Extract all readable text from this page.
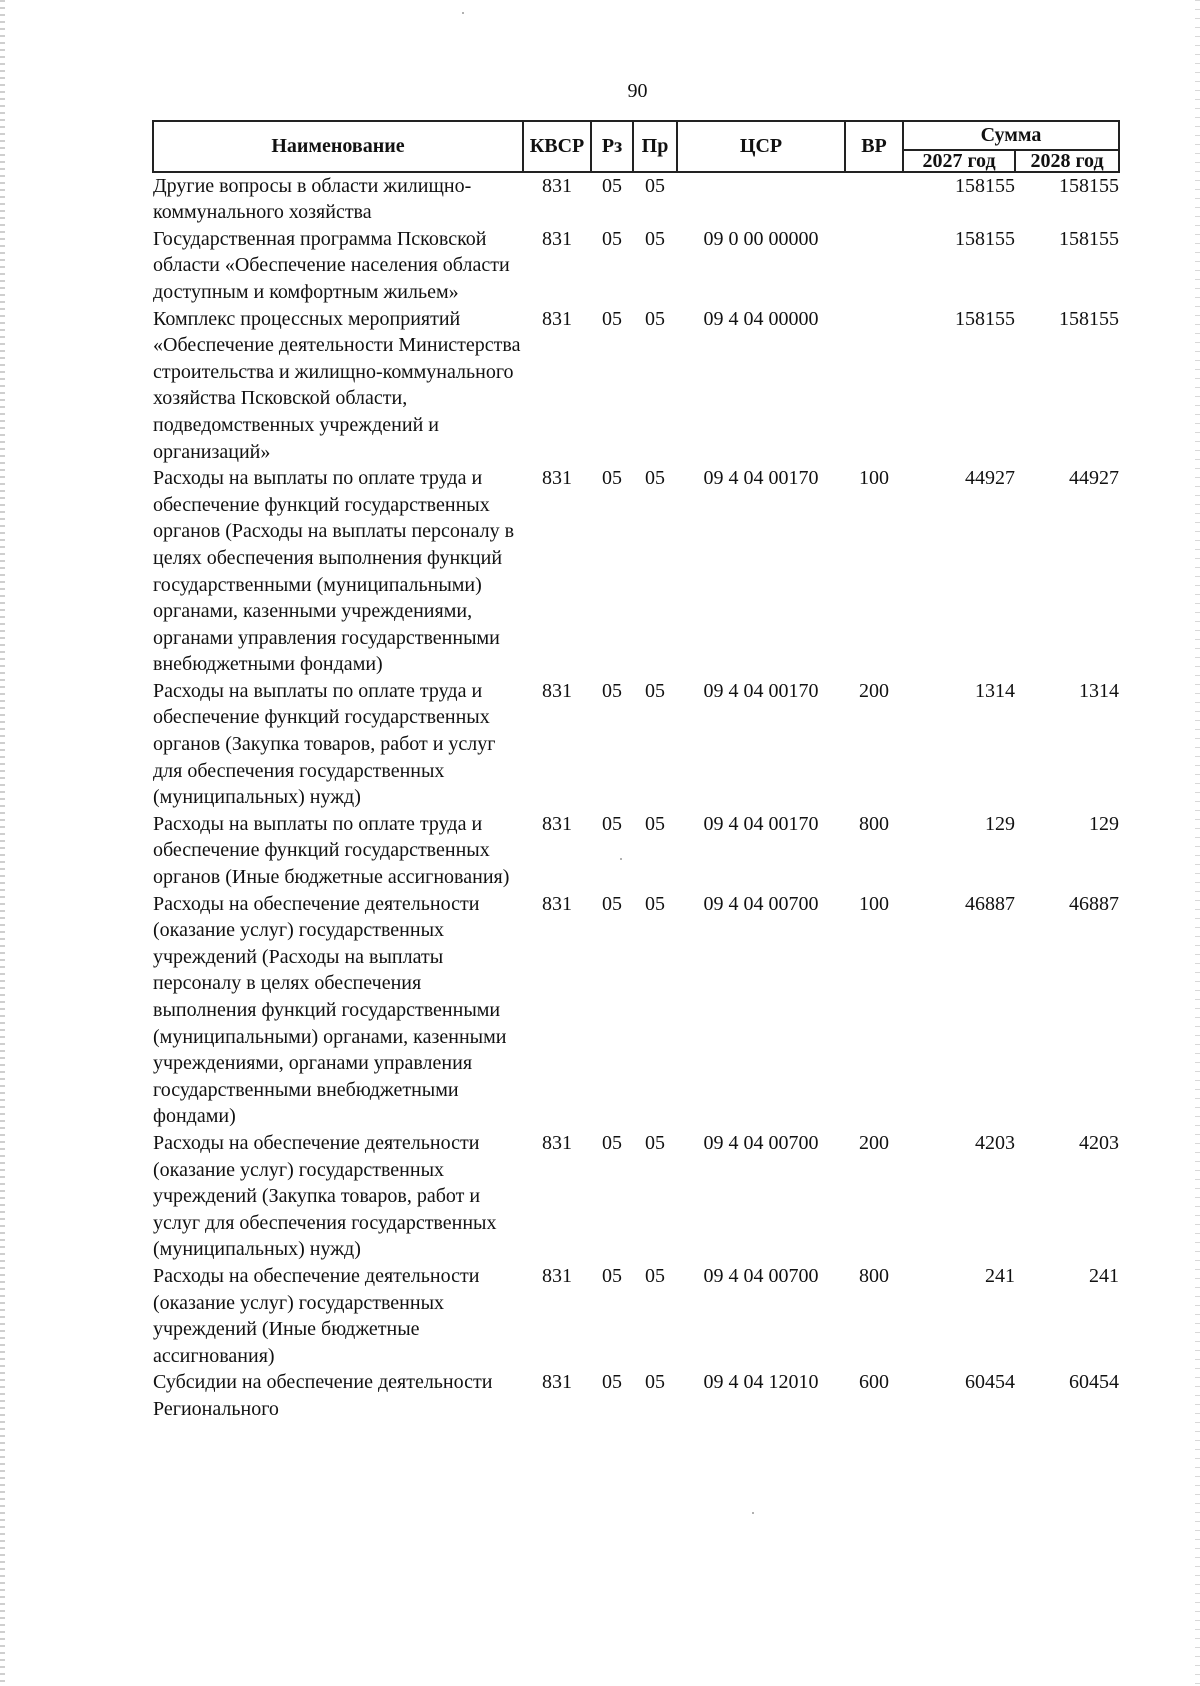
90
Наименование	КВСР	Рз	Пр	ЦСР	ВР	Сумма	
						2027 год	2028 год
Другие вопросы в области жилищно-коммунального хозяйства	831	05	05			158155	158155
Государственная программа Псковской области «Обеспечение населения области доступным и комфортным жильем»	831	05	05	09 0 00 00000		158155	158155
Комплекс процессных мероприятий «Обеспечение деятельности Министерства строительства и жилищно-коммунального хозяйства Псковской области, подведомственных учреждений и организаций»	831	05	05	09 4 04 00000		158155	158155
Расходы на выплаты по оплате труда и обеспечение функций государственных органов (Расходы на выплаты персоналу в целях обеспечения выполнения функций государственными (муниципальными) органами, казенными учреждениями, органами управления государственными внебюджетными фондами)	831	05	05	09 4 04 00170	100	44927	44927
Расходы на выплаты по оплате труда и обеспечение функций государственных органов (Закупка товаров, работ и услуг для обеспечения государственных (муниципальных) нужд)	831	05	05	09 4 04 00170	200	1314	1314
Расходы на выплаты по оплате труда и обеспечение функций государственных органов (Иные бюджетные ассигнования)	831	05	05	09 4 04 00170	800	129	129
Расходы на обеспечение деятельности (оказание услуг) государственных учреждений (Расходы на выплаты персоналу в целях обеспечения выполнения функций государственными (муниципальными) органами, казенными учреждениями, органами управления государственными внебюджетными фондами)	831	05	05	09 4 04 00700	100	46887	46887
Расходы на обеспечение деятельности (оказание услуг) государственных учреждений (Закупка товаров, работ и услуг для обеспечения государственных (муниципальных) нужд)	831	05	05	09 4 04 00700	200	4203	4203
Расходы на обеспечение деятельности (оказание услуг) государственных учреждений (Иные бюджетные ассигнования)	831	05	05	09 4 04 00700	800	241	241
Субсидии на обеспечение деятельности Регионального	831	05	05	09 4 04 12010	600	60454	60454
